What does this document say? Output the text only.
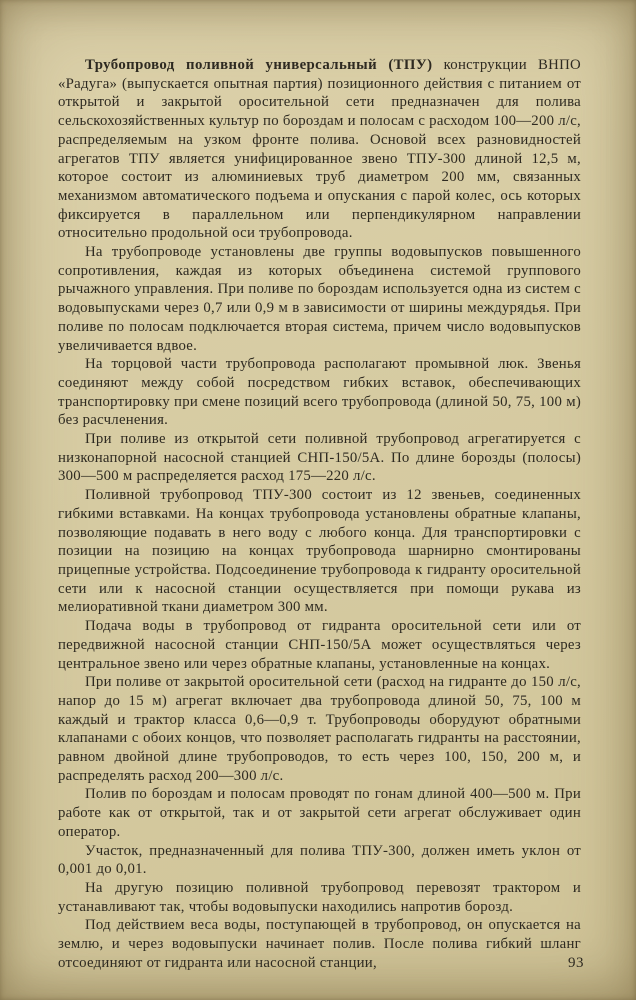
Трубопровод поливной универсальный (ТПУ) конструкции ВНПО «Радуга» (выпускается опытная партия) позиционного действия с питанием от открытой и закрытой оросительной сети предназначен для полива сельскохозяйственных культур по бороздам и полосам с расходом 100—200 л/с, распределяемым на узком фронте полива. Основой всех разновидностей агрегатов ТПУ является унифицированное звено ТПУ-300 длиной 12,5 м, которое состоит из алюминиевых труб диаметром 200 мм, связанных механизмом автоматического подъема и опускания с парой колес, ось которых фиксируется в параллельном или перпендикулярном направлении относительно продольной оси трубопровода.

На трубопроводе установлены две группы водовыпусков повышенного сопротивления, каждая из которых объединена системой группового рычажного управления. При поливе по бороздам используется одна из систем с водовыпусками через 0,7 или 0,9 м в зависимости от ширины междурядья. При поливе по полосам подключается вторая система, причем число водовыпусков увеличивается вдвое.

На торцовой части трубопровода располагают промывной люк. Звенья соединяют между собой посредством гибких вставок, обеспечивающих транспортировку при смене позиций всего трубопровода (длиной 50, 75, 100 м) без расчленения.

При поливе из открытой сети поливной трубопровод агрегатируется с низконапорной насосной станцией СНП-150/5А. По длине борозды (полосы) 300—500 м распределяется расход 175—220 л/с.

Поливной трубопровод ТПУ-300 состоит из 12 звеньев, соединенных гибкими вставками. На концах трубопровода установлены обратные клапаны, позволяющие подавать в него воду с любого конца. Для транспортировки с позиции на позицию на концах трубопровода шарнирно смонтированы прицепные устройства. Подсоединение трубопровода к гидранту оросительной сети или к насосной станции осуществляется при помощи рукава из мелиоративной ткани диаметром 300 мм.

Подача воды в трубопровод от гидранта оросительной сети или от передвижной насосной станции СНП-150/5А может осуществляться через центральное звено или через обратные клапаны, установленные на концах.

При поливе от закрытой оросительной сети (расход на гидранте до 150 л/с, напор до 15 м) агрегат включает два трубопровода длиной 50, 75, 100 м каждый и трактор класса 0,6—0,9 т. Трубопроводы оборудуют обратными клапанами с обоих концов, что позволяет располагать гидранты на расстоянии, равном двойной длине трубопроводов, то есть через 100, 150, 200 м, и распределять расход 200—300 л/с.

Полив по бороздам и полосам проводят по гонам длиной 400—500 м. При работе как от открытой, так и от закрытой сети агрегат обслуживает один оператор.

Участок, предназначенный для полива ТПУ-300, должен иметь уклон от 0,001 до 0,01.

На другую позицию поливной трубопровод перевозят трактором и устанавливают так, чтобы водовыпуски находились напротив борозд.

Под действием веса воды, поступающей в трубопровод, он опускается на землю, и через водовыпуски начинает полив. После полива гибкий шланг отсоединяют от гидранта или насосной станции,	93
